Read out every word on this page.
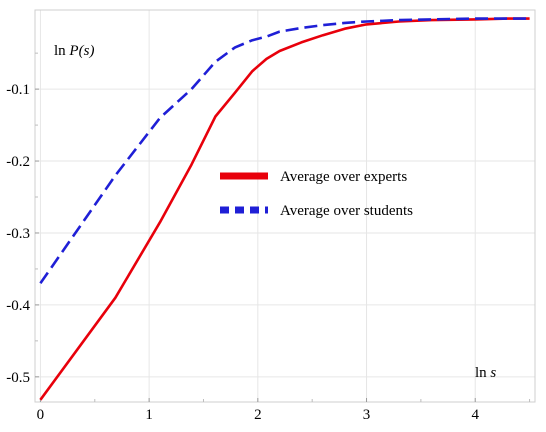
0	1	2	3	4
-0.1
-0.2
-0.3
-0.4
-0.5
ln P(s)
ln s
Average over experts
Average over students
